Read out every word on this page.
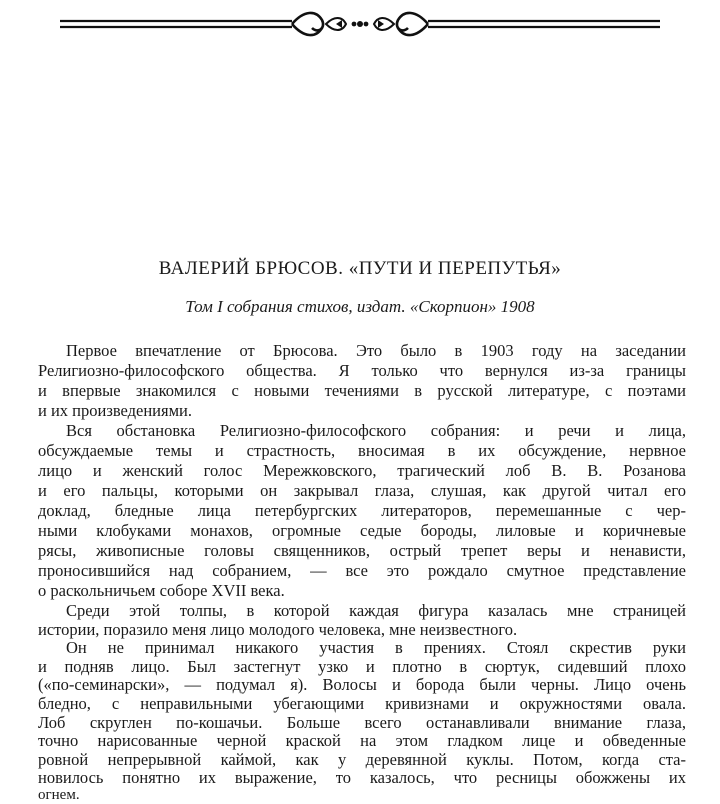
ВАЛЕРИЙ БРЮСОВ. «ПУТИ И ПЕРЕПУТЬЯ»

Том I собрания стихов, издат. «Скорпион» 1908

Первое впечатление от Брюсова. Это было в 1903 году на заседании
Религиозно-философского общества. Я только что вернулся из-за границы
и впервые знакомился с новыми течениями в русской литературе, с поэтами
и их произведениями.
Вся обстановка Религиозно-философского собрания: и речи и лица,
обсуждаемые темы и страстность, вносимая в их обсуждение, нервное
лицо и женский голос Мережковского, трагический лоб В. В. Розанова
и его пальцы, которыми он закрывал глаза, слушая, как другой читал его
доклад, бледные лица петербургских литераторов, перемешанные с чер-
ными клобуками монахов, огромные седые бороды, лиловые и коричневые
рясы, живописные головы священников, острый трепет веры и ненависти,
проносившийся над собранием, — все это рождало смутное представление
о раскольничьем соборе XVII века.
Среди этой толпы, в которой каждая фигура казалась мне страницей
истории, поразило меня лицо молодого человека, мне неизвестного.
Он не принимал никакого участия в прениях. Стоял скрестив руки
и подняв лицо. Был застегнут узко и плотно в сюртук, сидевший плохо
(«по-семинарски», — подумал я). Волосы и борода были черны. Лицо очень
бледно, с неправильными убегающими кривизнами и окружностями овала.
Лоб скруглен по-кошачьи. Больше всего останавливали внимание глаза,
точно нарисованные черной краской на этом гладком лице и обведенные
ровной непрерывной каймой, как у деревянной куклы. Потом, когда ста-
новилось понятно их выражение, то казалось, что ресницы обожжены их
огнем.
